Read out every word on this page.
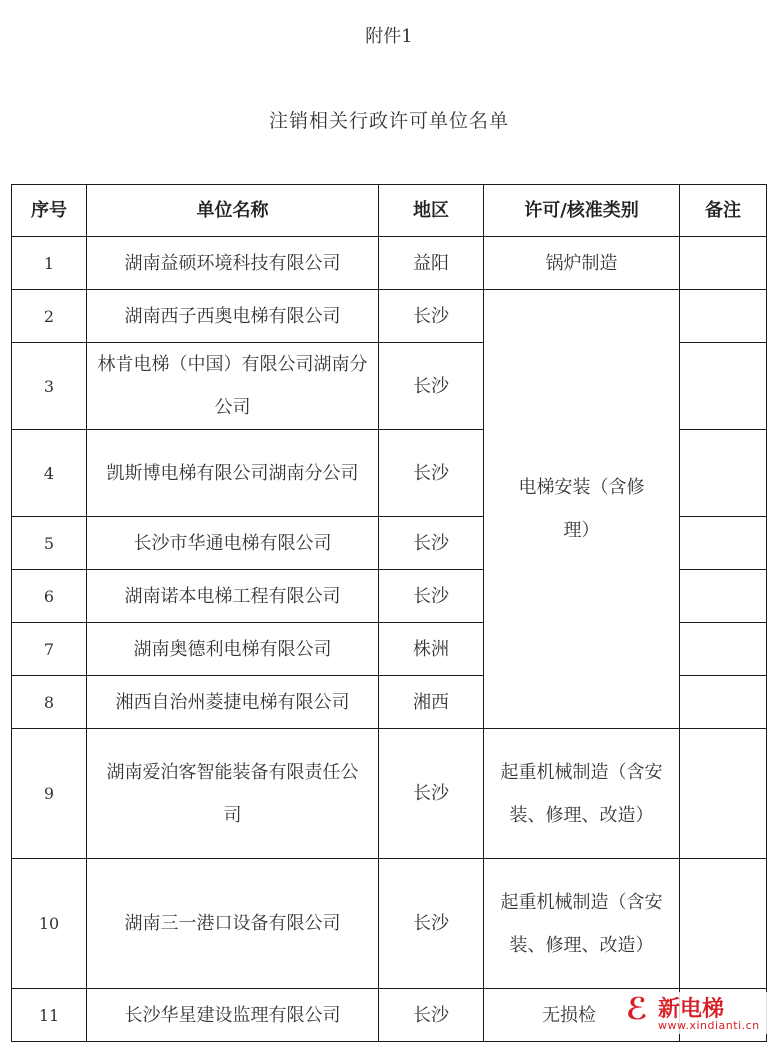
附件1
注销相关行政许可单位名单
序号	单位名称	地区	许可/核准类别	备注
1	湖南益硕环境科技有限公司	益阳	锅炉制造	
2	湖南西子西奥电梯有限公司	长沙	电梯安装（含修理）	
3	林肯电梯（中国）有限公司湖南分公司	长沙		
4	凯斯博电梯有限公司湖南分公司	长沙		
5	长沙市华通电梯有限公司	长沙		
6	湖南诺本电梯工程有限公司	长沙		
7	湖南奥德利电梯有限公司	株洲		
8	湘西自治州菱捷电梯有限公司	湘西		
9	湖南爱泊客智能装备有限责任公司	长沙	起重机械制造（含安装、修理、改造）	
10	湖南三一港口设备有限公司	长沙	起重机械制造（含安装、修理、改造）	
11	长沙华星建设监理有限公司	长沙	无损检	ℰ 新电梯
www.xindianti.cn
